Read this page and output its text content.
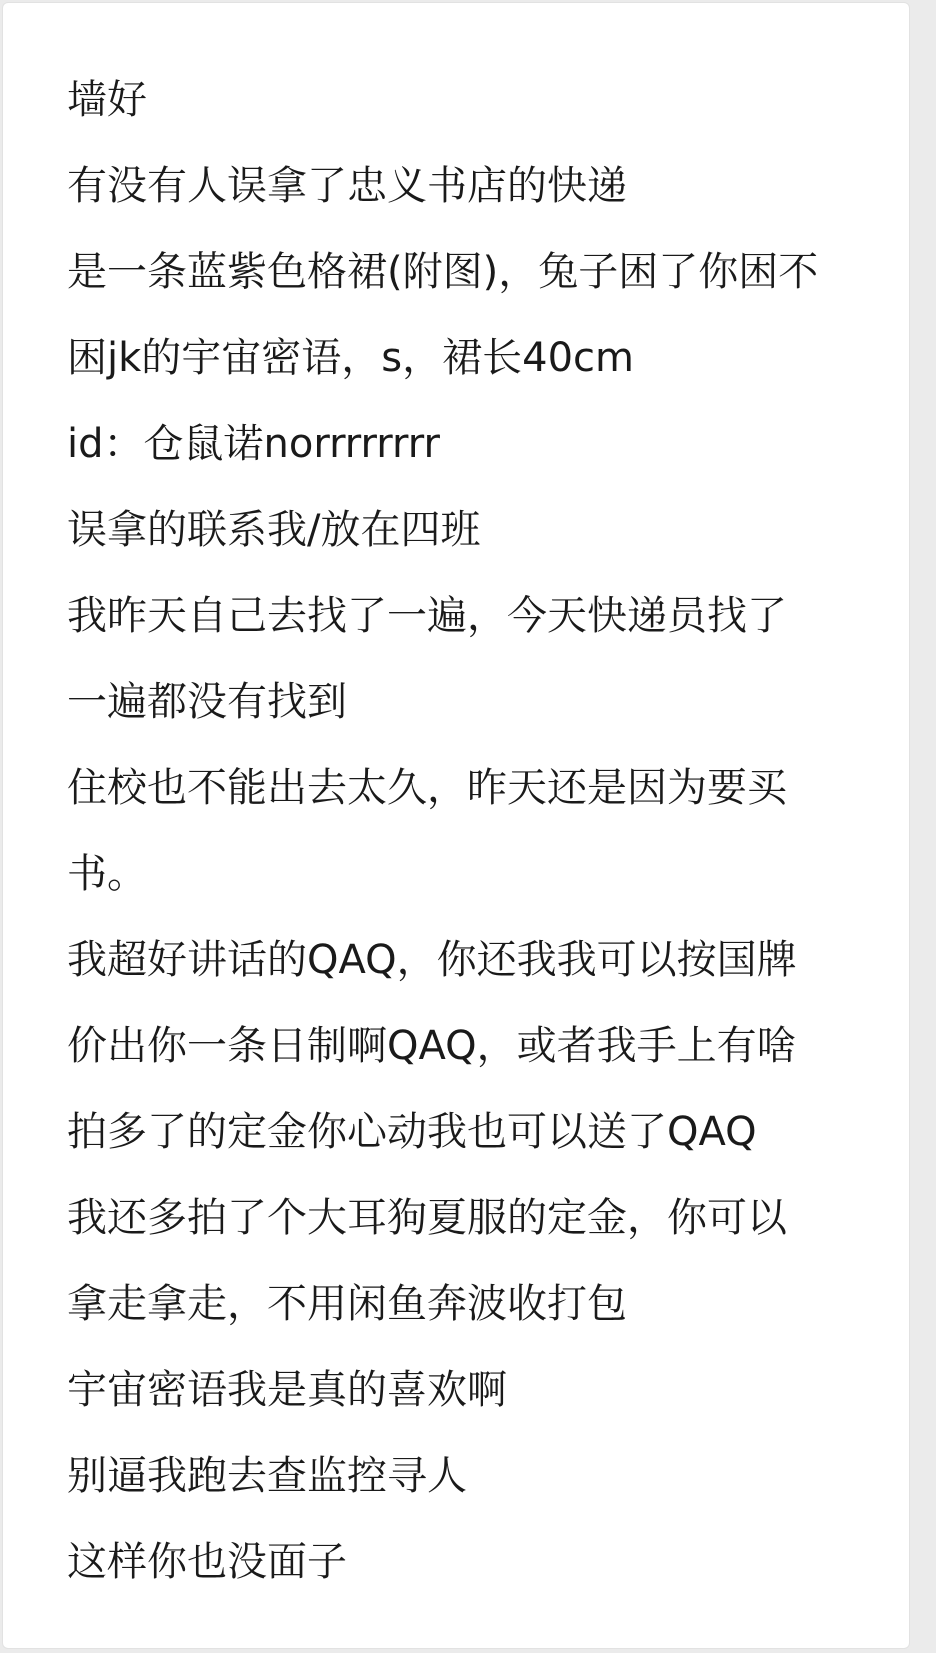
墙好
有没有人误拿了忠义书店的快递
是一条蓝紫色格裙(附图)，兔子困了你困不
困jk的宇宙密语，s，裙长40cm
id：仓鼠诺norrrrrrrr
误拿的联系我/放在四班
我昨天自己去找了一遍，今天快递员找了
一遍都没有找到
住校也不能出去太久，昨天还是因为要买
书。
我超好讲话的QAQ，你还我我可以按国牌
价出你一条日制啊QAQ，或者我手上有啥
拍多了的定金你心动我也可以送了QAQ
我还多拍了个大耳狗夏服的定金，你可以
拿走拿走，不用闲鱼奔波收打包
宇宙密语我是真的喜欢啊
别逼我跑去查监控寻人
这样你也没面子
